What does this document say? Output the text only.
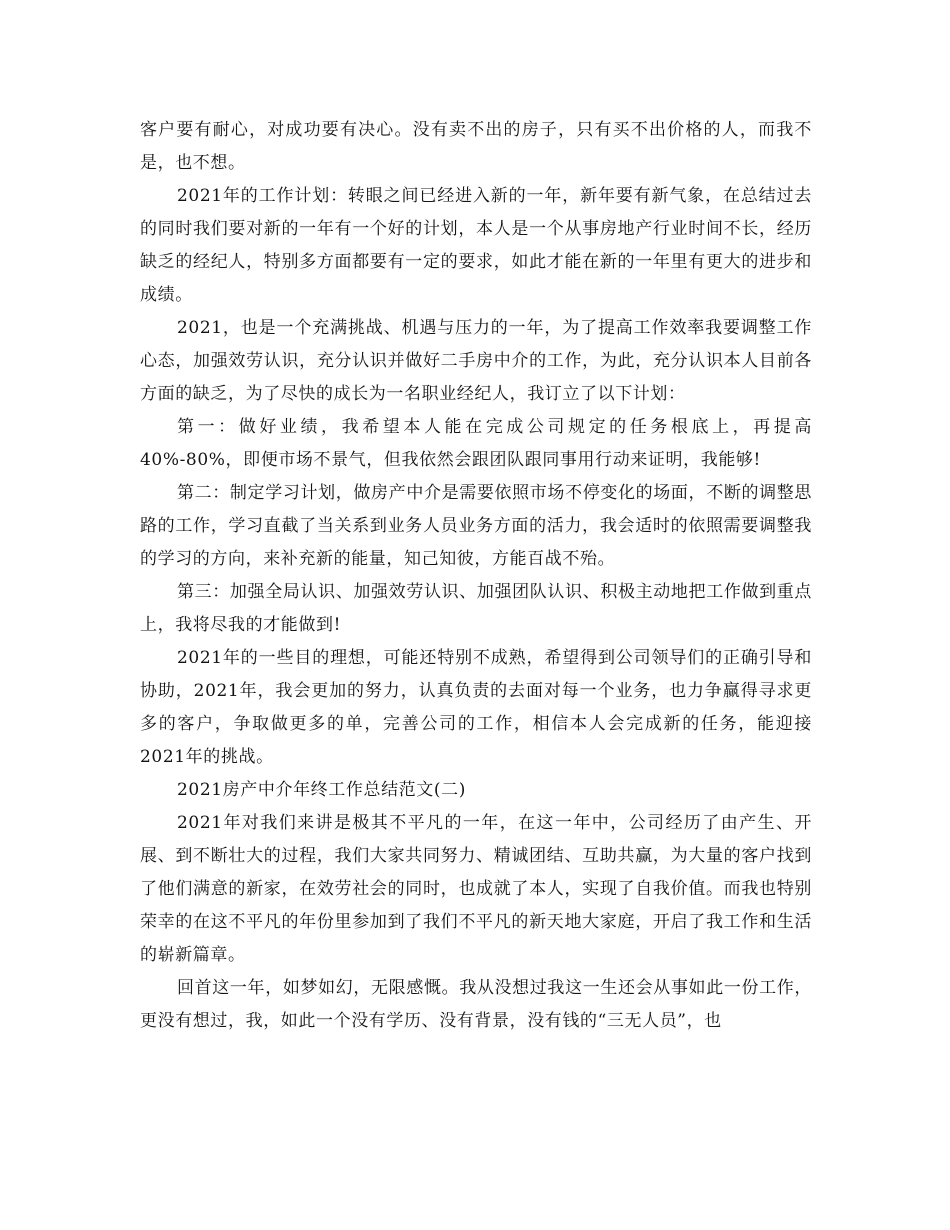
客户要有耐心，对成功要有决心。没有卖不出的房子，只有买不出价格的人，而我不是，也不想。

2021年的工作计划：转眼之间已经进入新的一年，新年要有新气象，在总结过去的同时我们要对新的一年有一个好的计划，本人是一个从事房地产行业时间不长，经历缺乏的经纪人，特别多方面都要有一定的要求，如此才能在新的一年里有更大的进步和成绩。

2021，也是一个充满挑战、机遇与压力的一年，为了提高工作效率我要调整工作心态，加强效劳认识，充分认识并做好二手房中介的工作，为此，充分认识本人目前各方面的缺乏，为了尽快的成长为一名职业经纪人，我订立了以下计划：

第一：做好业绩，我希望本人能在完成公司规定的任务根底上，再提高40%-80%，即便市场不景气，但我依然会跟团队跟同事用行动来证明，我能够!

第二：制定学习计划，做房产中介是需要依照市场不停变化的场面，不断的调整思路的工作，学习直截了当关系到业务人员业务方面的活力，我会适时的依照需要调整我的学习的方向，来补充新的能量，知己知彼，方能百战不殆。

第三：加强全局认识、加强效劳认识、加强团队认识、积极主动地把工作做到重点上，我将尽我的才能做到!

2021年的一些目的理想，可能还特别不成熟，希望得到公司领导们的正确引导和协助，2021年，我会更加的努力，认真负责的去面对每一个业务，也力争赢得寻求更多的客户，争取做更多的单，完善公司的工作，相信本人会完成新的任务，能迎接2021年的挑战。

2021房产中介年终工作总结范文(二)

2021年对我们来讲是极其不平凡的一年，在这一年中，公司经历了由产生、开展、到不断壮大的过程，我们大家共同努力、精诚团结、互助共赢，为大量的客户找到了他们满意的新家，在效劳社会的同时，也成就了本人，实现了自我价值。而我也特别荣幸的在这不平凡的年份里参加到了我们不平凡的新天地大家庭，开启了我工作和生活的崭新篇章。

回首这一年，如梦如幻，无限感慨。我从没想过我这一生还会从事如此一份工作，更没有想过，我，如此一个没有学历、没有背景，没有钱的“三无人员”，也
